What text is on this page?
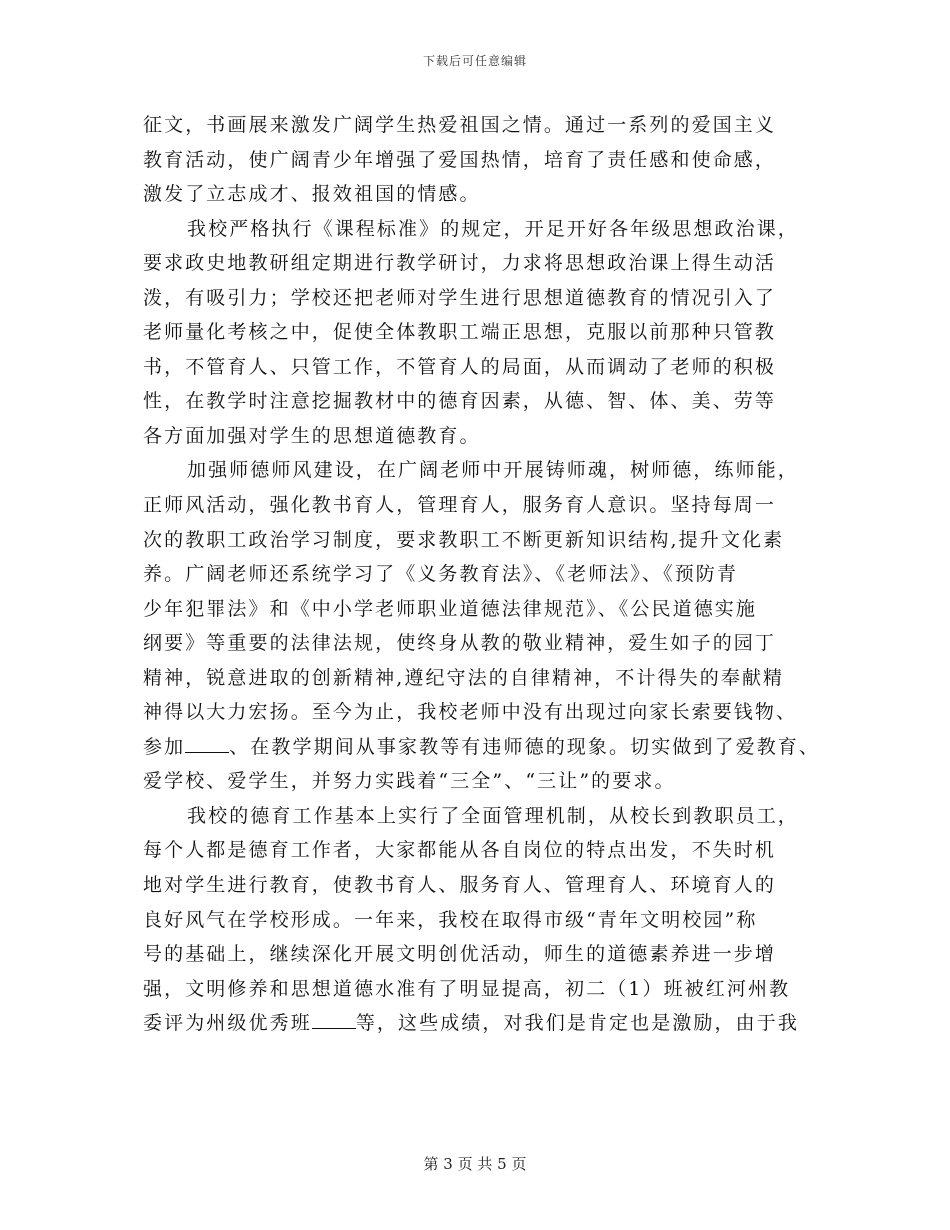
下载后可任意编辑
征文，书画展来激发广阔学生热爱祖国之情。通过一系列的爱国主义
教育活动，使广阔青少年增强了爱国热情，培育了责任感和使命感，
激发了立志成才、报效祖国的情感。
我校严格执行《课程标准》的规定，开足开好各年级思想政治课，
要求政史地教研组定期进行教学研讨，力求将思想政治课上得生动活
泼，有吸引力；学校还把老师对学生进行思想道德教育的情况引入了
老师量化考核之中，促使全体教职工端正思想，克服以前那种只管教
书，不管育人、只管工作，不管育人的局面，从而调动了老师的积极
性，在教学时注意挖掘教材中的德育因素，从德、智、体、美、劳等
各方面加强对学生的思想道德教育。
加强师德师风建设，在广阔老师中开展铸师魂，树师德，练师能，
正师风活动，强化教书育人，管理育人，服务育人意识。坚持每周一
次的教职工政治学习制度，要求教职工不断更新知识结构,提升文化素
养。广阔老师还系统学习了《义务教育法》、《老师法》、《预防青
少年犯罪法》和《中小学老师职业道德法律规范》、《公民道德实施
纲要》等重要的法律法规，使终身从教的敬业精神，爱生如子的园丁
精神，锐意进取的创新精神,遵纪守法的自律精神，不计得失的奉献精
神得以大力宏扬。至今为止，我校老师中没有出现过向家长索要钱物、
参加 、在教学期间从事家教等有违师德的现象。切实做到了爱教育、
爱学校、爱学生，并努力实践着“三全”、“三让”的要求。
我校的德育工作基本上实行了全面管理机制，从校长到教职员工，
每个人都是德育工作者，大家都能从各自岗位的特点出发，不失时机
地对学生进行教育，使教书育人、服务育人、管理育人、环境育人的
良好风气在学校形成。一年来，我校在取得市级“青年文明校园”称
号的基础上，继续深化开展文明创优活动，师生的道德素养进一步增
强，文明修养和思想道德水准有了明显提高，初二（1）班被红河州教
委评为州级优秀班 等，这些成绩，对我们是肯定也是激励，由于我
第 3 页 共 5 页
